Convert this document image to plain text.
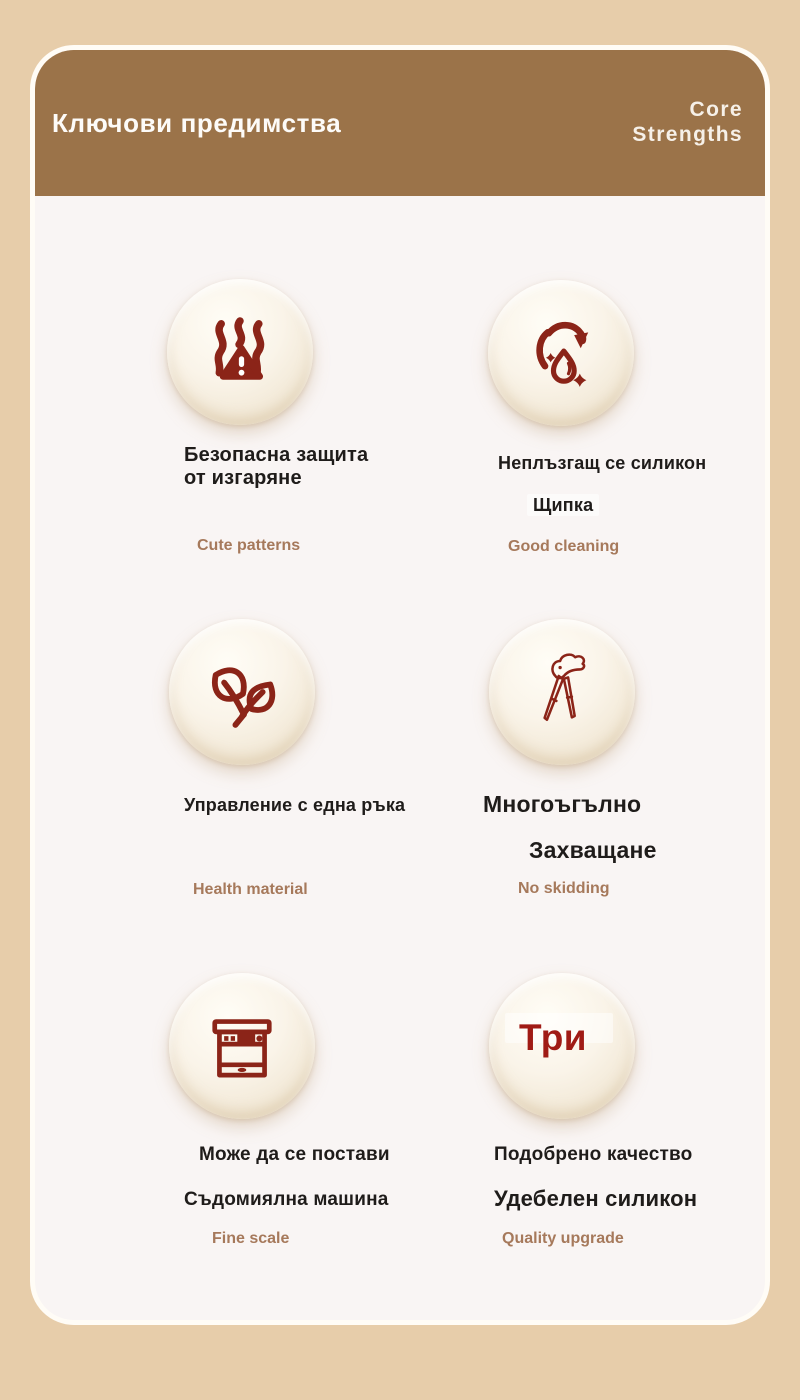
Ключови предимства	Core
Strengths
Безопасна защита
от изгаряне
Cute patterns
Неплъзгащ се силикон
Щипка
Good cleaning
Управление с една ръка
Health material
Многоъгълно
Захващане
No skidding
Може да се постави
Съдомиялна машина
Fine scale
Три
Подобрено качество
Удебелен силикон
Quality upgrade
